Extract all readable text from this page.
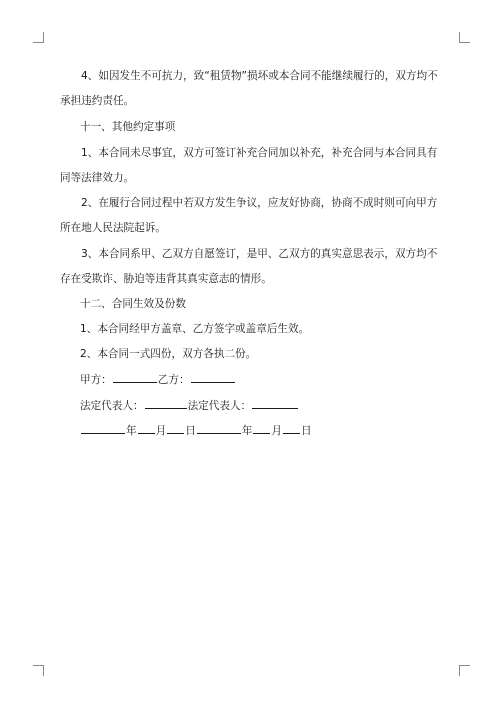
4、如因发生不可抗力，致“租赁物”损坏或本合同不能继续履行的，双方均不承担违约责任。

十一、其他约定事项

1、本合同未尽事宜，双方可签订补充合同加以补充，补充合同与本合同具有同等法律效力。

2、在履行合同过程中若双方发生争议，应友好协商，协商不成时则可向甲方所在地人民法院起诉。

3、本合同系甲、乙双方自愿签订，是甲、乙双方的真实意思表示，双方均不存在受欺诈、胁迫等违背其真实意志的情形。

十二、合同生效及份数

1、本合同经甲方盖章、乙方签字或盖章后生效。

2、本合同一式四份，双方各执二份。

甲方：	乙方：
法定代表人：	法定代表人：
年 月 日	年 月 日
